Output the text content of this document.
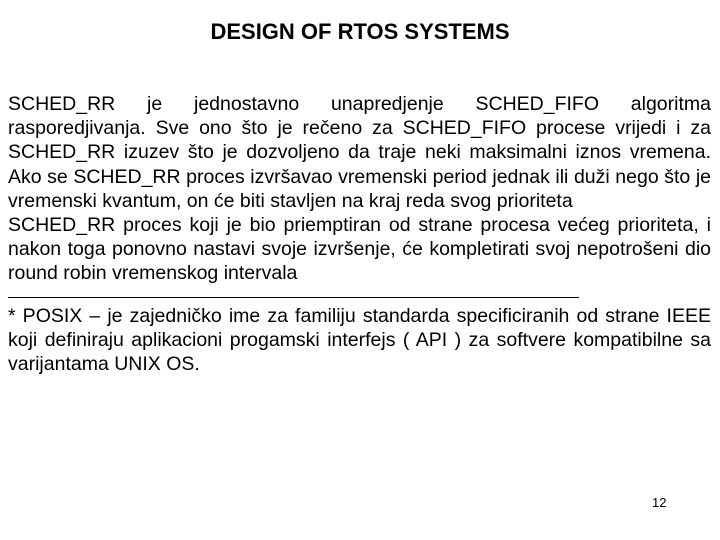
DESIGN OF RTOS SYSTEMS

SCHED_RR je jednostavno unapredjenje SCHED_FIFO algoritma rasporedjivanja. Sve ono što je rečeno za SCHED_FIFO procese vrijedi i za SCHED_RR izuzev što je dozvoljeno da traje neki maksimalni iznos vremena. Ako se SCHED_RR proces izvršavao vremenski period jednak ili duži nego što je vremenski kvantum, on će biti stavljen na kraj reda svog prioriteta

SCHED_RR proces koji je bio priemptiran od strane procesa većeg prioriteta, i nakon toga ponovno nastavi svoje izvršenje, će kompletirati svoj nepotrošeni dio round robin vremenskog intervala

* POSIX – je zajedničko ime za familiju standarda specificiranih od strane IEEE koji definiraju aplikacioni progamski interfejs ( API ) za softvere kompatibilne sa varijantama UNIX OS.

12
